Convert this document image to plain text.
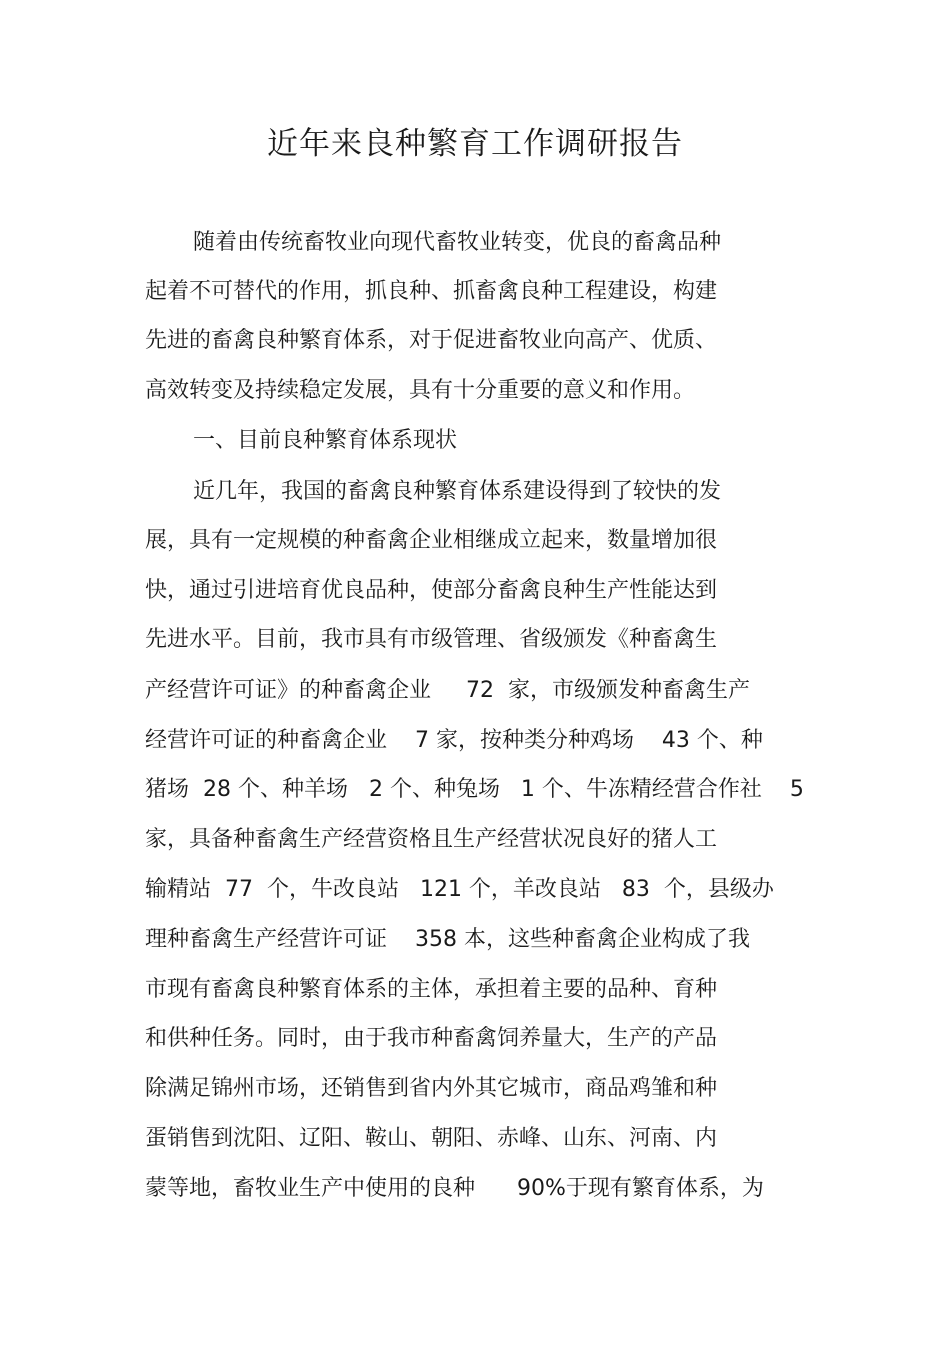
近年来良种繁育工作调研报告
随着由传统畜牧业向现代畜牧业转变，优良的畜禽品种
起着不可替代的作用，抓良种、抓畜禽良种工程建设，构建
先进的畜禽良种繁育体系，对于促进畜牧业向高产、优质、
高效转变及持续稳定发展，具有十分重要的意义和作用。
一、目前良种繁育体系现状
近几年，我国的畜禽良种繁育体系建设得到了较快的发
展，具有一定规模的种畜禽企业相继成立起来，数量增加很
快，通过引进培育优良品种，使部分畜禽良种生产性能达到
先进水平。目前，我市具有市级管理、省级颁发《种畜禽生
产经营许可证》的种畜禽企业     72  家，市级颁发种畜禽生产
经营许可证的种畜禽企业    7 家，按种类分种鸡场    43 个、种
猪场  28 个、种羊场   2 个、种兔场   1 个、牛冻精经营合作社    5
家，具备种畜禽生产经营资格且生产经营状况良好的猪人工
输精站  77  个，牛改良站   121 个，羊改良站   83  个，县级办
理种畜禽生产经营许可证    358 本，这些种畜禽企业构成了我
市现有畜禽良种繁育体系的主体，承担着主要的品种、育种
和供种任务。同时，由于我市种畜禽饲养量大，生产的产品
除满足锦州市场，还销售到省内外其它城市，商品鸡雏和种
蛋销售到沈阳、辽阳、鞍山、朝阳、赤峰、山东、河南、内
蒙等地，畜牧业生产中使用的良种      90%于现有繁育体系，为
